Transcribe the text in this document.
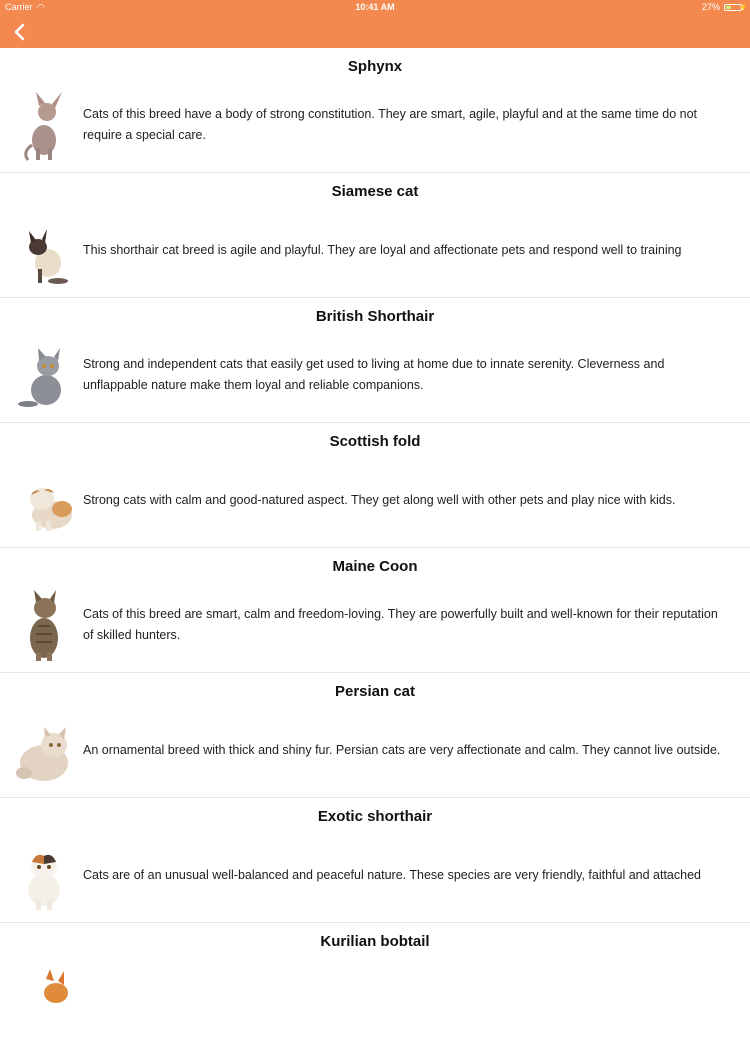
Carrier ◠	10:41 AM	27% ⚡
Sphynx
Cats of this breed have a body of strong constitution. They are smart, agile, playful and at the same time do not require a special care.
Siamese cat
This shorthair cat breed is agile and playful. They are loyal and affectionate pets and respond well to training
British Shorthair
Strong and independent cats that easily get used to living at home due to innate serenity. Cleverness and unflappable nature make them loyal and reliable companions.
Scottish fold
Strong cats with calm and good-natured aspect. They get along well with other pets and play nice with kids.
Maine Coon
Cats of this breed are smart, calm and freedom-loving. They are powerfully built and well-known for their reputation of skilled hunters.
Persian cat
An ornamental breed with thick and shiny fur. Persian cats are very affectionate and calm. They cannot live outside.
Exotic shorthair
Cats are of an unusual well-balanced and peaceful nature. These species are very friendly, faithful and attached
Kurilian bobtail
